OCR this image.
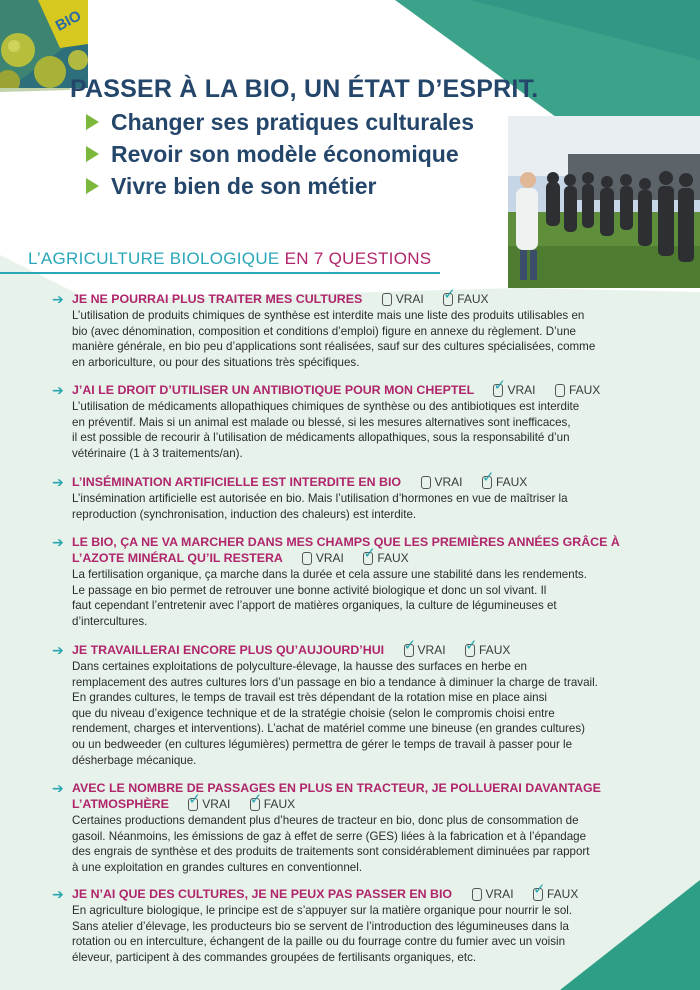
BIO
PASSER À LA BIO, UN ÉTAT D’ESPRIT.
Changer ses pratiques culturales
Revoir son modèle économique
Vivre bien de son métier
L’AGRICULTURE BIOLOGIQUE EN 7 QUESTIONS
➔ JE NE POURRAI PLUS TRAITER MES CULTURES	VRAI ✓ FAUX
L’utilisation de produits chimiques de synthèse est interdite mais une liste des produits utilisables en
bio (avec dénomination, composition et conditions d’emploi) figure en annexe du règlement. D’une
manière générale, en bio peu d’applications sont réalisées, sauf sur des cultures spécialisées, comme
en arboriculture, ou pour des situations très spécifiques.
➔ J’AI LE DROIT D’UTILISER UN ANTIBIOTIQUE POUR MON CHEPTEL ✓ VRAI	FAUX
L’utilisation de médicaments allopathiques chimiques de synthèse ou des antibiotiques est interdite
en préventif. Mais si un animal est malade ou blessé, si les mesures alternatives sont inefficaces,
il est possible de recourir à l’utilisation de médicaments allopathiques, sous la responsabilité d’un
vétérinaire (1 à 3 traitements/an).
➔ L’INSÉMINATION ARTIFICIELLE EST INTERDITE EN BIO	VRAI ✓ FAUX
L’insémination artificielle est autorisée en bio. Mais l’utilisation d’hormones en vue de maîtriser la
reproduction (synchronisation, induction des chaleurs) est interdite.
➔ LE BIO, ÇA NE VA MARCHER DANS MES CHAMPS QUE LES PREMIÈRES ANNÉES GRÂCE À
L’AZOTE MINÉRAL QU’IL RESTERA	VRAI ✓ FAUX
La fertilisation organique, ça marche dans la durée et cela assure une stabilité dans les rendements.
Le passage en bio permet de retrouver une bonne activité biologique et donc un sol vivant. Il
faut cependant l’entretenir avec l’apport de matières organiques, la culture de légumineuses et
d’intercultures.
➔ JE TRAVAILLERAI ENCORE PLUS QU’AUJOURD’HUI ✓ VRAI ✓ FAUX
Dans certaines exploitations de polyculture-élevage, la hausse des surfaces en herbe en
remplacement des autres cultures lors d’un passage en bio a tendance à diminuer la charge de travail.
En grandes cultures, le temps de travail est très dépendant de la rotation mise en place ainsi
que du niveau d’exigence technique et de la stratégie choisie (selon le compromis choisi entre
rendement, charges et interventions). L’achat de matériel comme une bineuse (en grandes cultures)
ou un bedweeder (en cultures légumières) permettra de gérer le temps de travail à passer pour le
désherbage mécanique.
➔ AVEC LE NOMBRE DE PASSAGES EN PLUS EN TRACTEUR, JE POLLUERAI DAVANTAGE
L’ATMOSPHÈRE ✓ VRAI ✓ FAUX
Certaines productions demandent plus d’heures de tracteur en bio, donc plus de consommation de
gasoil. Néanmoins, les émissions de gaz à effet de serre (GES) liées à la fabrication et à l’épandage
des engrais de synthèse et des produits de traitements sont considérablement diminuées par rapport
à une exploitation en grandes cultures en conventionnel.
➔ JE N’AI QUE DES CULTURES, JE NE PEUX PAS PASSER EN BIO	VRAI ✓ FAUX
En agriculture biologique, le principe est de s’appuyer sur la matière organique pour nourrir le sol.
Sans atelier d’élevage, les producteurs bio se servent de l’introduction des légumineuses dans la
rotation ou en interculture, échangent de la paille ou du fourrage contre du fumier avec un voisin
éleveur, participent à des commandes groupées de fertilisants organiques, etc.
